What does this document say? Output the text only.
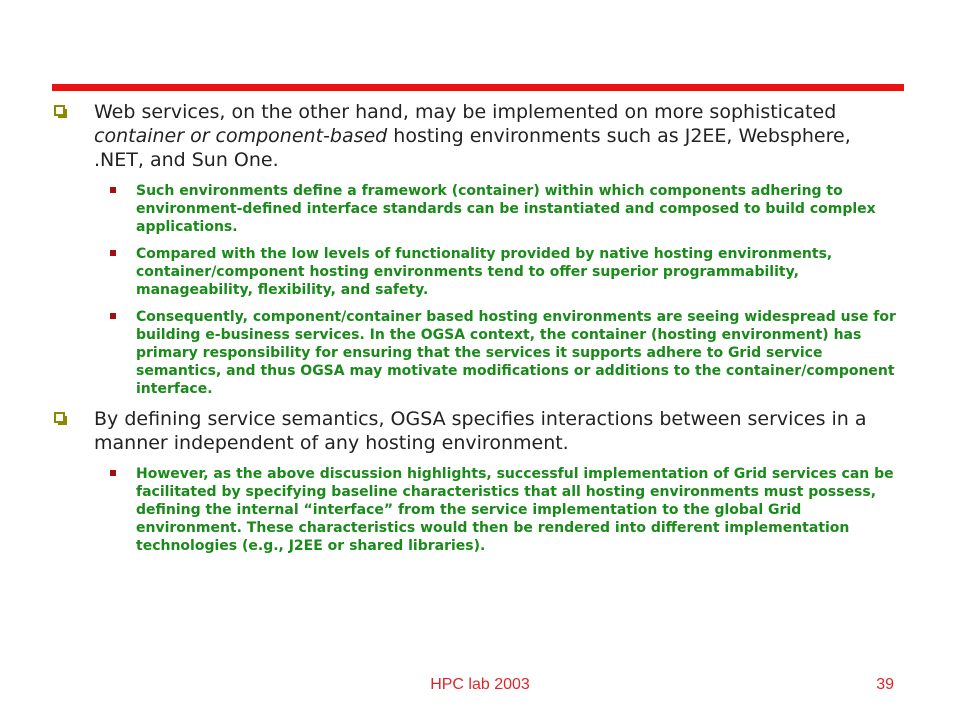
Web services, on the other hand, may be implemented on more sophisticated container or component-based hosting environments such as J2EE, Websphere, .NET, and Sun One.
Such environments define a framework (container) within which components adhering to environment-defined interface standards can be instantiated and composed to build complex applications.
Compared with the low levels of functionality provided by native hosting environments, container/component hosting environments tend to offer superior programmability, manageability, flexibility, and safety.
Consequently, component/container based hosting environments are seeing widespread use for building e-business services. In the OGSA context, the container (hosting environment) has primary responsibility for ensuring that the services it supports adhere to Grid service semantics, and thus OGSA may motivate modifications or additions to the container/component interface.
By defining service semantics, OGSA specifies interactions between services in a manner independent of any hosting environment.
However, as the above discussion highlights, successful implementation of Grid services can be facilitated by specifying baseline characteristics that all hosting environments must possess, defining the internal “interface” from the service implementation to the global Grid environment. These characteristics would then be rendered into different implementation technologies (e.g., J2EE or shared libraries).
HPC lab 2003	39
